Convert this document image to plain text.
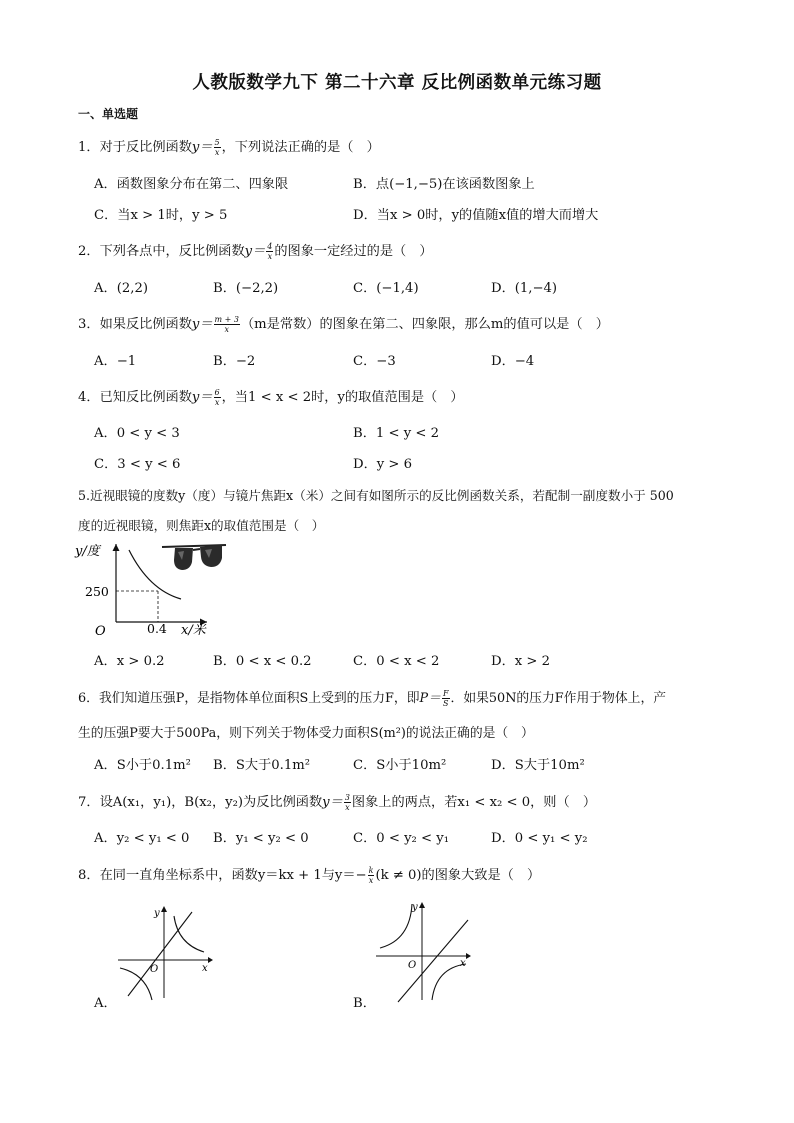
人教版数学九下 第二十六章 反比例函数单元练习题
一、单选题
1．对于反比例函数$y= \frac{5}{x}$ ，下列说法正确的是（　）
A．函数图象分布在第二、四象限	B．点(−1,−5)在该函数图象上
C．当x > 1时，y > 5	D．当x > 0时，y的值随x值的增大而增大
2．下列各点中，反比例函数$y= \frac{4}{x}$ 的图象一定经过的是（　）
A．(2,2)	B．(−2,2)	C．(−1,4)	D．(1,−4)
3．如果反比例函数$y= \frac{m + 3}{x} (m$是常数）的图象在第二、四象限，那么m的值可以是（　）
A．−1	B．−2	C．−3	D．−4
4．已知反比例函数$y= \frac{6}{x}$ ，当1 < x < 2时，y的取值范围是（　）
A．0 < y < 3	B．1 < y < 2
C．3 < y < 6	D．y > 6
5.近视眼镜的度数y（度）与镜片焦距x（米）之间有如图所示的反比例函数关系，若配制一副度数小于 500
度的近视眼镜，则焦距x的取值范围是（　）
y/度
250
O	0.4 x/米
A．x > 0.2	B．0 < x < 0.2	C．0 < x < 2	D．x > 2
6．我们知道压强P，是指物体单位面积S上受到的压力F，即$P= \frac{F}{S}$ ．如果50N的压力F作用于物体上，产
生的压强P要大于500Pa，则下列关于物体受力面积S(m²)的说法正确的是（　）
A．S小于0.1m² B．S大于0.1m²	C．S小于10m²	D．S大于10m²
7．设A(x₁，y₁)，B(x₂，y₂)为反比例函数$y= \frac{3}{x}$ 图象上的两点，若x₁ < x₂ < 0，则（　）
A．y₂ < y₁ < 0 B．y₁ < y₂ < 0	C．0 < y₂ < y₁	D．0 < y₁ < y₂
8．在同一直角坐标系中，函数y＝kx + 1与$y=- \frac{k}{x} (k \ne 0)$的图象大致是（　）
y
x
O
A．
y
x
O
B．
